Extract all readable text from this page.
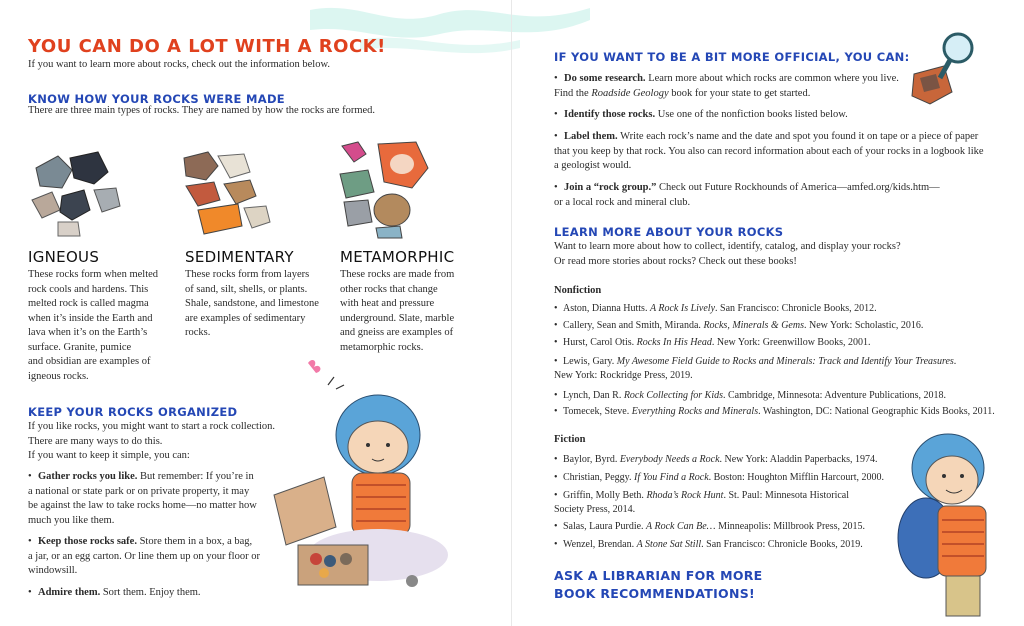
YOU CAN DO A LOT WITH A ROCK!
If you want to learn more about rocks, check out the information below.
KNOW HOW YOUR ROCKS WERE MADE
There are three main types of rocks. They are named by how the rocks are formed.
IGNEOUS
These rocks form when melted
rock cools and hardens. This
melted rock is called magma
when it’s inside the Earth and
lava when it’s on the Earth’s
surface. Granite, pumice
and obsidian are examples of
igneous rocks.
SEDIMENTARY
These rocks form from layers
of sand, silt, shells, or plants.
Shale, sandstone, and limestone
are examples of sedimentary
rocks.
METAMORPHIC
These rocks are made from
other rocks that change
with heat and pressure
underground. Slate, marble
and gneiss are examples of
metamorphic rocks.
KEEP YOUR ROCKS ORGANIZED
If you like rocks, you might want to start a rock collection.
There are many ways to do this.
If you want to keep it simple, you can:
• Gather rocks you like. But remember: If you’re in
a national or state park or on private property, it may
be against the law to take rocks home—no matter how
much you like them.
• Keep those rocks safe. Store them in a box, a bag,
a jar, or an egg carton. Or line them up on your floor or
windowsill.
• Admire them. Sort them. Enjoy them.
IF YOU WANT TO BE A BIT MORE OFFICIAL, YOU CAN:
• Do some research. Learn more about which rocks are common where you live.
Find the Roadside Geology book for your state to get started.
• Identify those rocks. Use one of the nonfiction books listed below.
• Label them. Write each rock’s name and the date and spot you found it on tape or a piece of paper
that you keep by that rock. You also can record information about each of your rocks in a logbook like
a geologist would.
• Join a “rock group.” Check out Future Rockhounds of America—amfed.org/kids.htm—
or a local rock and mineral club.
LEARN MORE ABOUT YOUR ROCKS
Want to learn more about how to collect, identify, catalog, and display your rocks?
Or read more stories about rocks? Check out these books!
Nonfiction
• Aston, Dianna Hutts. A Rock Is Lively. San Francisco: Chronicle Books, 2012.
• Callery, Sean and Smith, Miranda. Rocks, Minerals & Gems. New York: Scholastic, 2016.
• Hurst, Carol Otis. Rocks In His Head. New York: Greenwillow Books, 2001.
• Lewis, Gary. My Awesome Field Guide to Rocks and Minerals: Track and Identify Your Treasures.
New York: Rockridge Press, 2019.
• Lynch, Dan R. Rock Collecting for Kids. Cambridge, Minnesota: Adventure Publications, 2018.
• Tomecek, Steve. Everything Rocks and Minerals. Washington, DC: National Geographic Kids Books, 2011.
Fiction
• Baylor, Byrd. Everybody Needs a Rock. New York: Aladdin Paperbacks, 1974.
• Christian, Peggy. If You Find a Rock. Boston: Houghton Mifflin Harcourt, 2000.
• Griffin, Molly Beth. Rhoda’s Rock Hunt. St. Paul: Minnesota Historical
Society Press, 2014.
• Salas, Laura Purdie. A Rock Can Be… Minneapolis: Millbrook Press, 2015.
• Wenzel, Brendan. A Stone Sat Still. San Francisco: Chronicle Books, 2019.
ASK A LIBRARIAN FOR MORE
BOOK RECOMMENDATIONS!
